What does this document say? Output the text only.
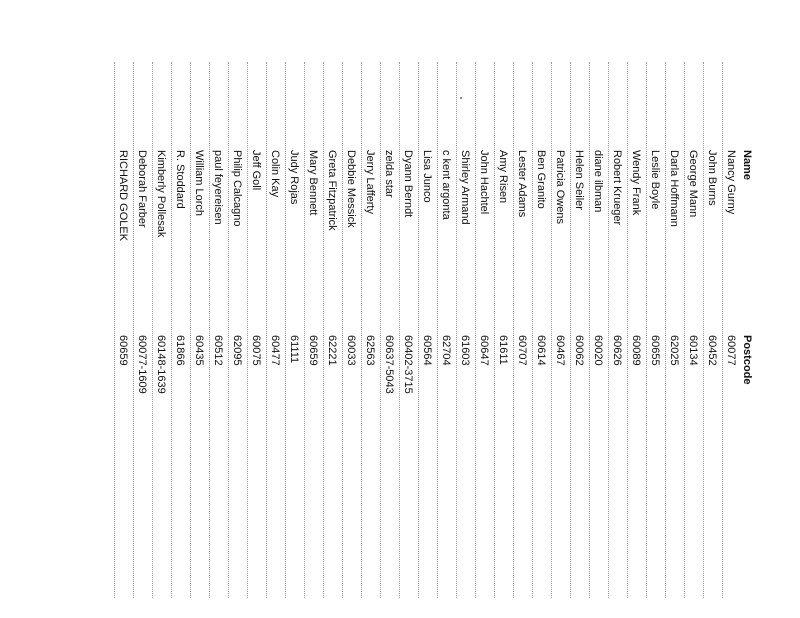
Name
Postcode
Nancy Gurny
60077
John Burns
60452
George Mann
60134
Darla Hoffmann
62025
Leslie Boyle
60655
Wendy Frank
60089
Robert Krueger
60626
diane ilbman
60020
Helen Seiler
60062
Patricia Owens
60467
Ben Granito
60614
Lester Adams
60707
Amy Risen
61611
John Hachtel
60647
Shirley Armand
61603
c kent argonta
62704
Lisa Junco
60564
Dyann Berndt
60402-3715
zelda star
60637-5043
Jerry Lafferty
62563
Debbie Messick
60033
Greta Fitzpatrick
62221
Mary Bennett
60659
Judy Rojas
61111
Colin Kay
60477
Jeff Goll
60075
Philip Calcagno
62095
paul feyereisen
60512
William Lorch
60435
R. Stoddard
61866
Kimberly Pollesak
60148-1639
Deborah Farber
60077-1609
RICHARD GOLEK
60659
